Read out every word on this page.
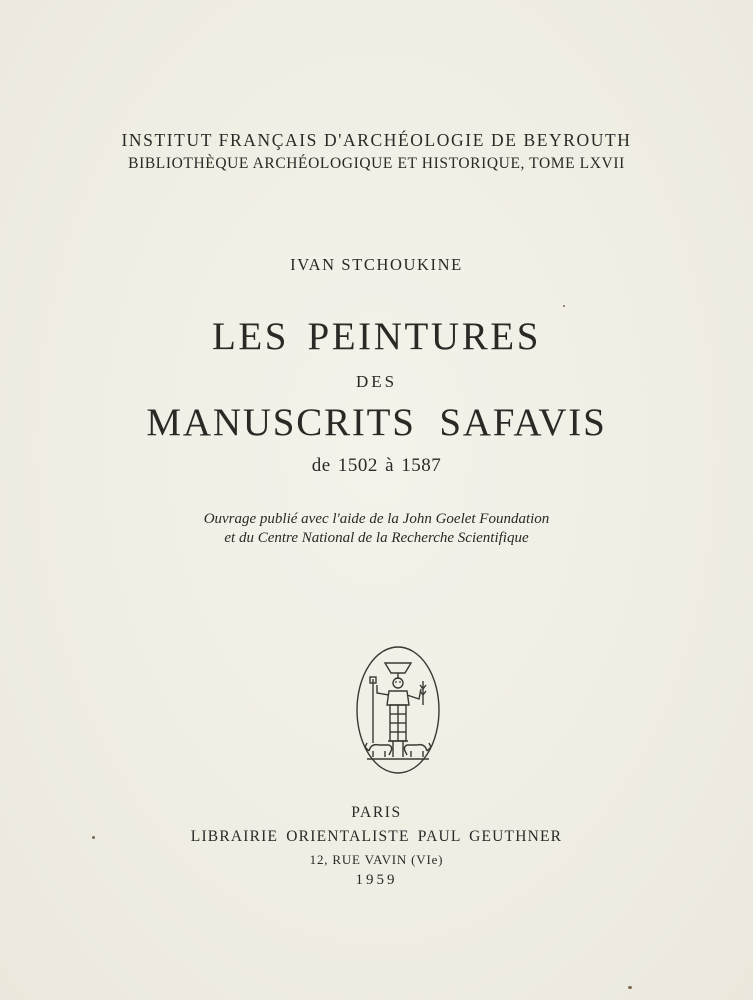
INSTITUT FRANÇAIS D'ARCHÉOLOGIE DE BEYROUTH
BIBLIOTHÈQUE ARCHÉOLOGIQUE ET HISTORIQUE, TOME LXVII
IVAN STCHOUKINE
LES PEINTURES
DES
MANUSCRITS SAFAVIS
de 1502 à 1587
Ouvrage publié avec l'aide de la John Goelet Foundation
et du Centre National de la Recherche Scientifique
PARIS
LIBRAIRIE ORIENTALISTE PAUL GEUTHNER
12, RUE VAVIN (VIe)
1959
